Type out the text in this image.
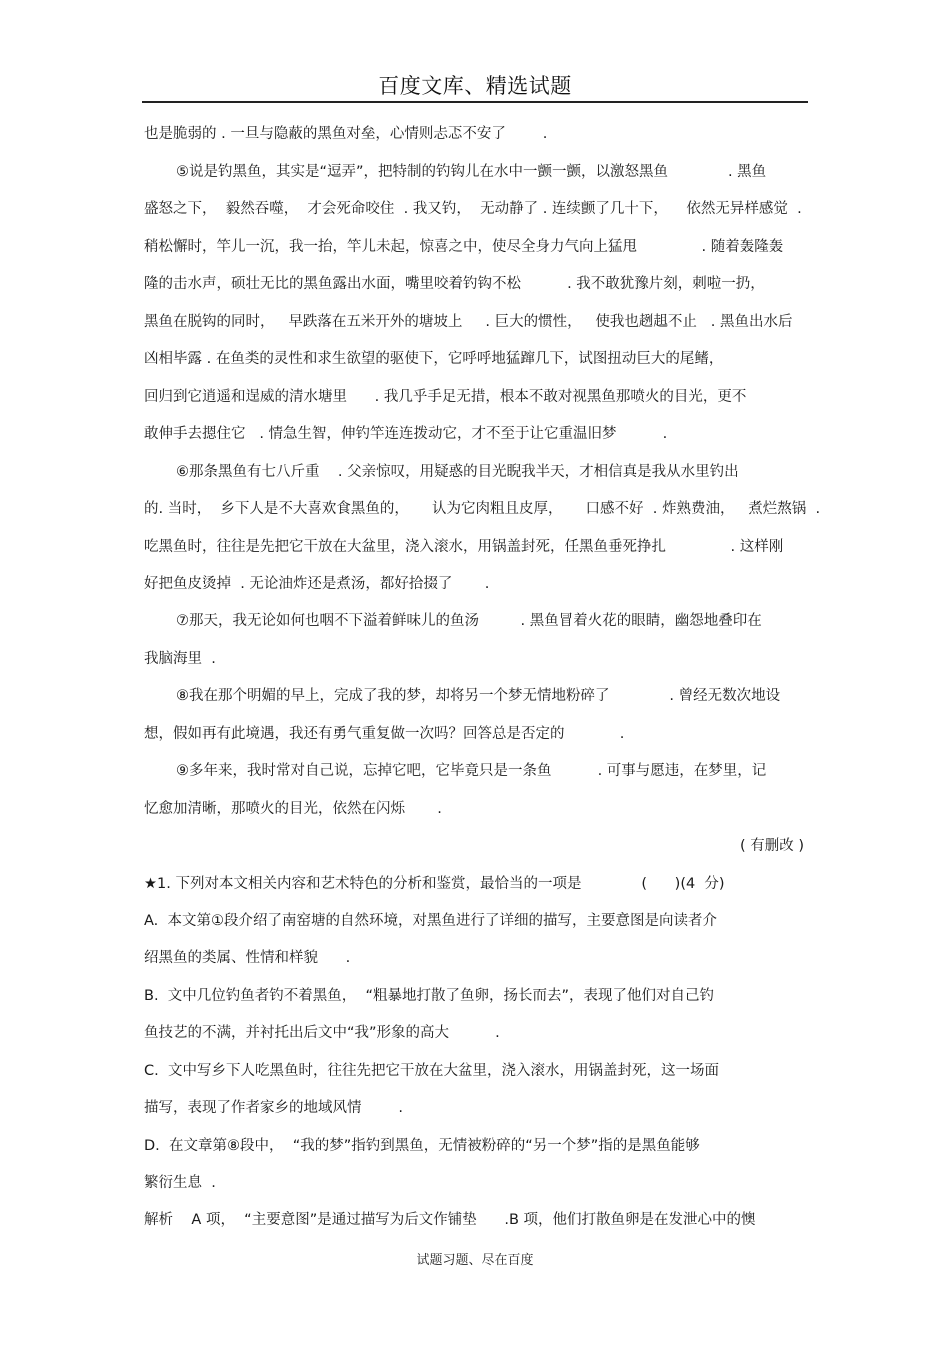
百度文库、精选试题
也是脆弱的 . 一旦与隐蔽的黑鱼对垒，心情则忐忑不安了        .
⑤说是钓黑鱼，其实是“逗弄”，把特制的钓钩儿在水中一颤一颤，以激怒黑鱼             . 黑鱼
盛怒之下，  毅然吞噬，  才会死命咬住  . 我又钓，  无动静了 . 连续颤了几十下，    依然无异样感觉  .
稍松懈时，竿儿一沉，我一抬，竿儿未起，惊喜之中，使尽全身力气向上猛甩              . 随着轰隆轰
隆的击水声，硕壮无比的黑鱼露出水面，嘴里咬着钓钩不松          . 我不敢犹豫片刻，刺啦一扔，
黑鱼在脱钩的同时，   早跌落在五米开外的塘坡上     . 巨大的惯性，   使我也趔趄不止   . 黑鱼出水后
凶相毕露 . 在鱼类的灵性和求生欲望的驱使下，它呼呼地猛蹿几下，试图扭动巨大的尾鳍，
回归到它逍遥和逞威的清水塘里      . 我几乎手足无措，根本不敢对视黑鱼那喷火的目光，更不
敢伸手去摁住它   . 情急生智，伸钓竿连连拨动它，才不至于让它重温旧梦          .
⑥那条黑鱼有七八斤重    . 父亲惊叹，用疑惑的目光睨我半天，才相信真是我从水里钓出
的. 当时，  乡下人是不大喜欢食黑鱼的，     认为它肉粗且皮厚，     口感不好  . 炸熟费油，   煮烂熬锅  .
吃黑鱼时，往往是先把它干放在大盆里，浇入滚水，用锅盖封死，任黑鱼垂死挣扎              . 这样刚
好把鱼皮烫掉  . 无论油炸还是煮汤，都好拾掇了       .
⑦那天，我无论如何也咽不下溢着鲜味儿的鱼汤         . 黑鱼冒着火花的眼睛，幽怨地叠印在
我脑海里  .
⑧我在那个明媚的早上，完成了我的梦，却将另一个梦无情地粉碎了             . 曾经无数次地设
想，假如再有此境遇，我还有勇气重复做一次吗？回答总是否定的            .
⑨多年来，我时常对自己说，忘掉它吧，它毕竟只是一条鱼          . 可事与愿违，在梦里，记
忆愈加清晰，那喷火的目光，依然在闪烁       .
( 有删改 )
★1. 下列对本文相关内容和艺术特色的分析和鉴赏，最恰当的一项是             (      )(4  分)
A.  本文第①段介绍了南窑塘的自然环境，对黑鱼进行了详细的描写，主要意图是向读者介
绍黑鱼的类属、性情和样貌      .
B.  文中几位钓鱼者钓不着黑鱼，  “粗暴地打散了鱼卵，扬长而去”，表现了他们对自己钓
鱼技艺的不满，并衬托出后文中“我”形象的高大          .
C.  文中写乡下人吃黑鱼时，往往先把它干放在大盆里，浇入滚水，用锅盖封死，这一场面
描写，表现了作者家乡的地域风情        .
D.  在文章第⑧段中，  “我的梦”指钓到黑鱼，无情被粉碎的“另一个梦”指的是黑鱼能够
繁衍生息  .
解析    A 项，  “主要意图”是通过描写为后文作铺垫      .B 项，他们打散鱼卵是在发泄心中的懊
试题习题、尽在百度
